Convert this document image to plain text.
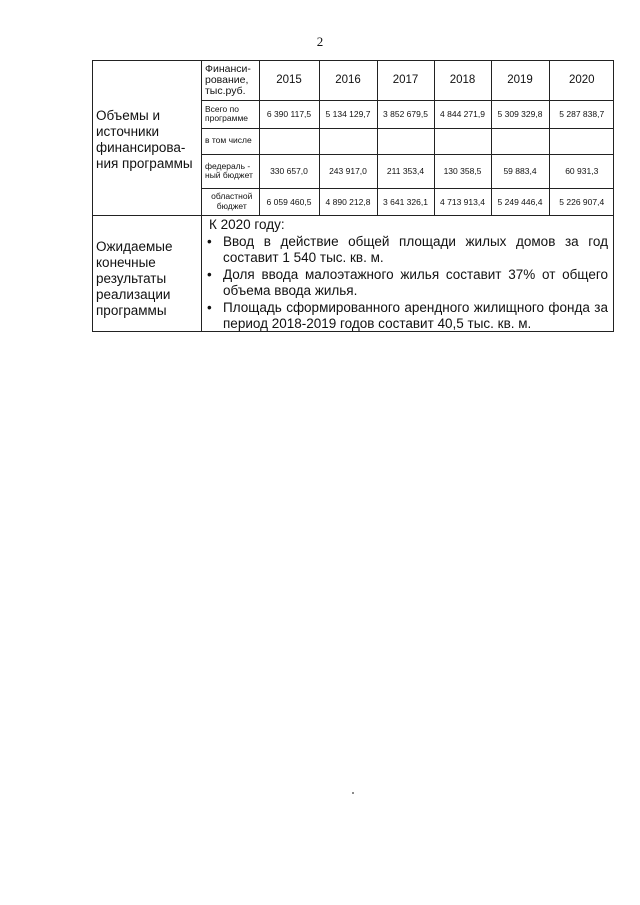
2
Объемы и источники финансирова-ния программы
Финанси-рование, тыс.руб.	2015	2016	2017	2018	2019	2020
Всего по программе	6 390 117,5	5 134 129,7	3 852 679,5	4 844 271,9	5 309 329,8	5 287 838,7
в том числе						
федераль - ный бюджет	330 657,0	243 917,0	211 353,4	130 358,5	59 883,4	60 931,3
областной бюджет	6 059 460,5	4 890 212,8	3 641 326,1	4 713 913,4	5 249 446,4	5 226 907,4
Ожидаемые конечные результаты реализации программы
К 2020 году:
• Ввод в действие общей площади жилых домов за год составит 1 540 тыс. кв. м.
• Доля ввода малоэтажного жилья составит 37% от общего объема ввода жилья.
• Площадь сформированного арендного жилищного фонда за период 2018-2019 годов составит 40,5 тыс. кв. м.
